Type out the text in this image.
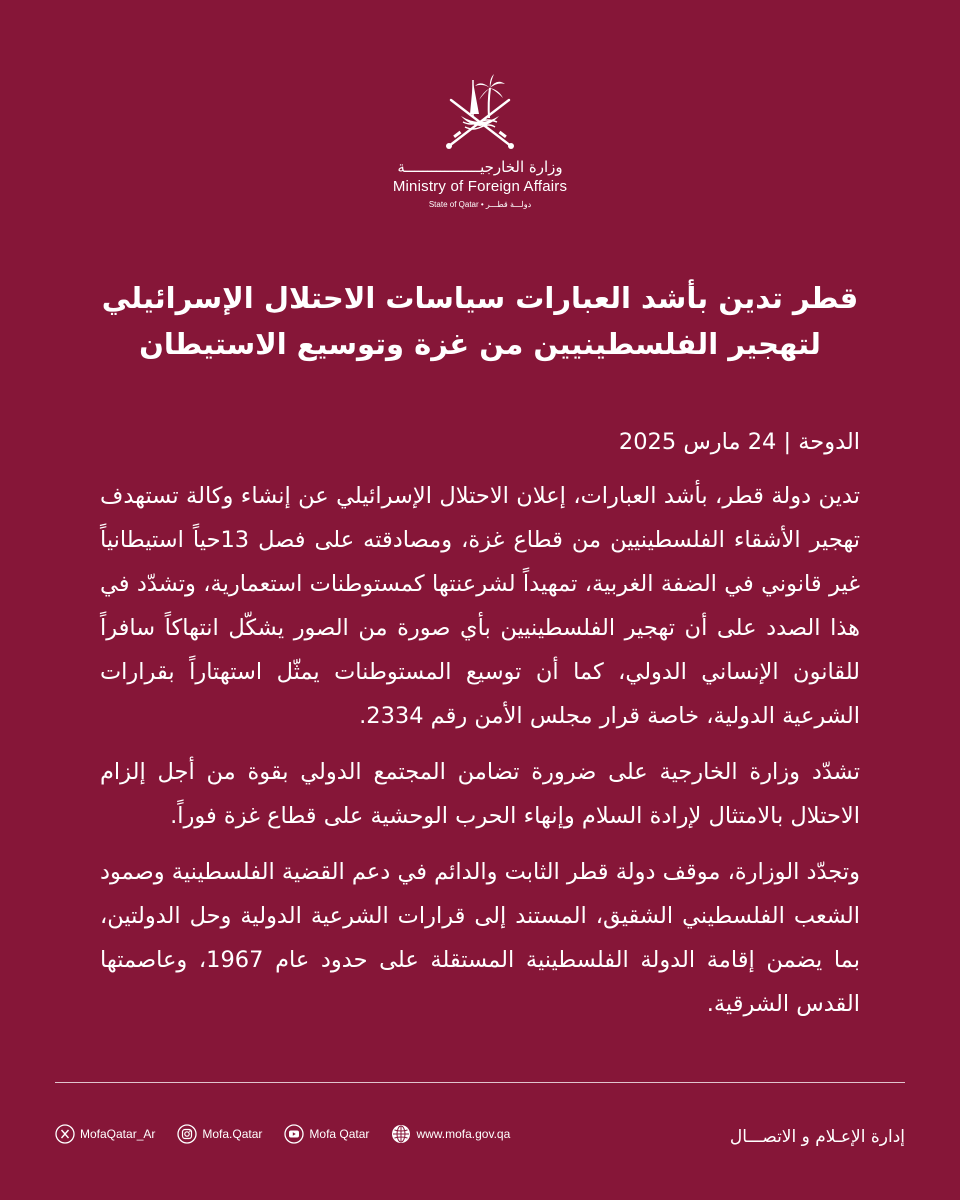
وزارة الخارجيـــــــــــــــــة
Ministry of Foreign Affairs
State of Qatar • دولـــة قطـــر
قطر تدين بأشد العبارات سياسات الاحتلال الإسرائيلي
لتهجير الفلسطينيين من غزة وتوسيع الاستيطان

الدوحة | 24 مارس 2025

تدين دولة قطر، بأشد العبارات، إعلان الاحتلال الإسرائيلي عن إنشاء وكالة تستهدف تهجير الأشقاء الفلسطينيين من قطاع غزة، ومصادقته على فصل 13حياً استيطانياً غير قانوني في الضفة الغربية، تمهيداً لشرعنتها كمستوطنات استعمارية، وتشدّد في هذا الصدد على أن تهجير الفلسطينيين بأي صورة من الصور يشكّل انتهاكاً سافراً للقانون الإنساني الدولي، كما أن توسيع المستوطنات يمثّل استهتاراً بقرارات الشرعية الدولية، خاصة قرار مجلس الأمن رقم 2334.

تشدّد وزارة الخارجية على ضرورة تضامن المجتمع الدولي بقوة من أجل إلزام الاحتلال بالامتثال لإرادة السلام وإنهاء الحرب الوحشية على قطاع غزة فوراً.

وتجدّد الوزارة، موقف دولة قطر الثابت والدائم في دعم القضية الفلسطينية وصمود الشعب الفلسطيني الشقيق، المستند إلى قرارات الشرعية الدولية وحل الدولتين، بما يضمن إقامة الدولة الفلسطينية المستقلة على حدود عام 1967، وعاصمتها القدس الشرقية.

MofaQatar_Ar	Mofa.Qatar	Mofa Qatar	www.mofa.gov.qa	إدارة الإعـلام و الاتصـــال
